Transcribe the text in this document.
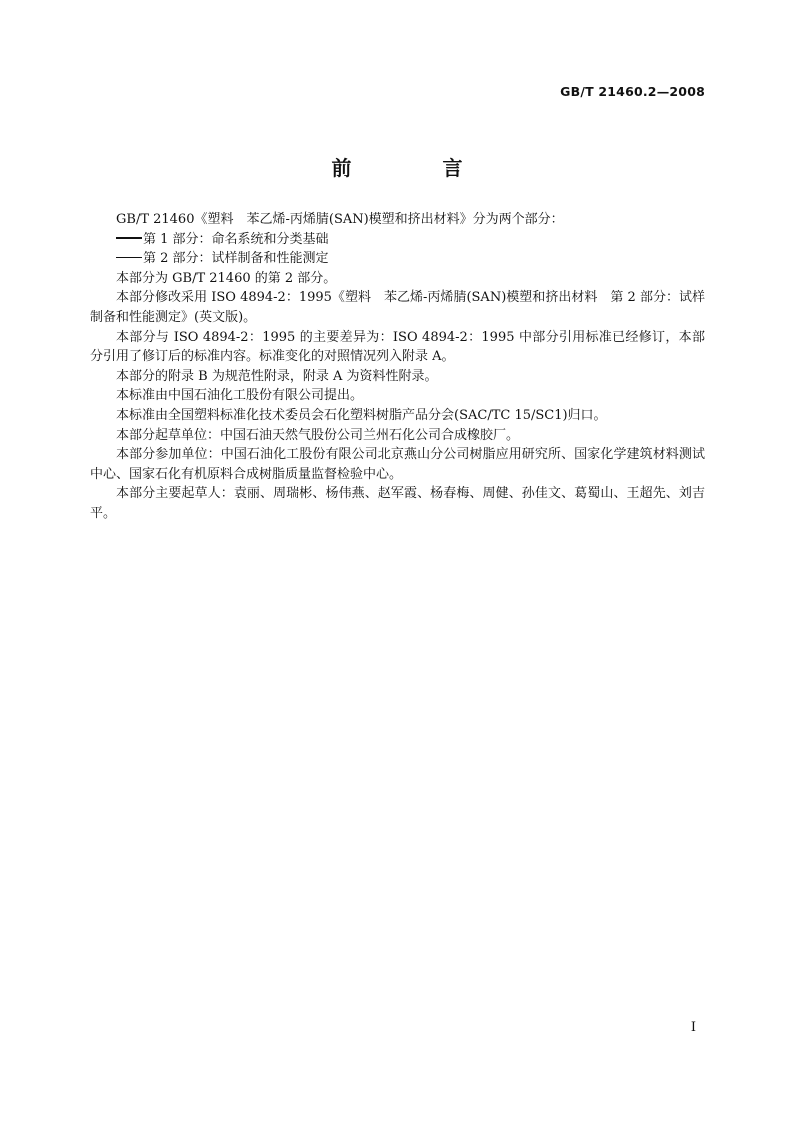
GB/T 21460.2—2008
前 言

GB/T 21460《塑料　苯乙烯-丙烯腈(SAN)模塑和挤出材料》分为两个部分：

第 1 部分：命名系统和分类基础

第 2 部分：试样制备和性能测定

本部分为 GB/T 21460 的第 2 部分。

本部分修改采用 ISO 4894-2：1995《塑料　苯乙烯-丙烯腈(SAN)模塑和挤出材料　第 2 部分：试样制备和性能测定》(英文版)。

本部分与 ISO 4894-2：1995 的主要差异为：ISO 4894-2：1995 中部分引用标准已经修订，本部分引用了修订后的标准内容。标准变化的对照情况列入附录 A。

本部分的附录 B 为规范性附录，附录 A 为资料性附录。

本标准由中国石油化工股份有限公司提出。

本标准由全国塑料标准化技术委员会石化塑料树脂产品分会(SAC/TC 15/SC1)归口。

本部分起草单位：中国石油天然气股份公司兰州石化公司合成橡胶厂。

本部分参加单位：中国石油化工股份有限公司北京燕山分公司树脂应用研究所、国家化学建筑材料测试中心、国家石化有机原料合成树脂质量监督检验中心。

本部分主要起草人：袁丽、周瑞彬、杨伟燕、赵军霞、杨春梅、周健、孙佳文、葛蜀山、王超先、刘吉平。

I
